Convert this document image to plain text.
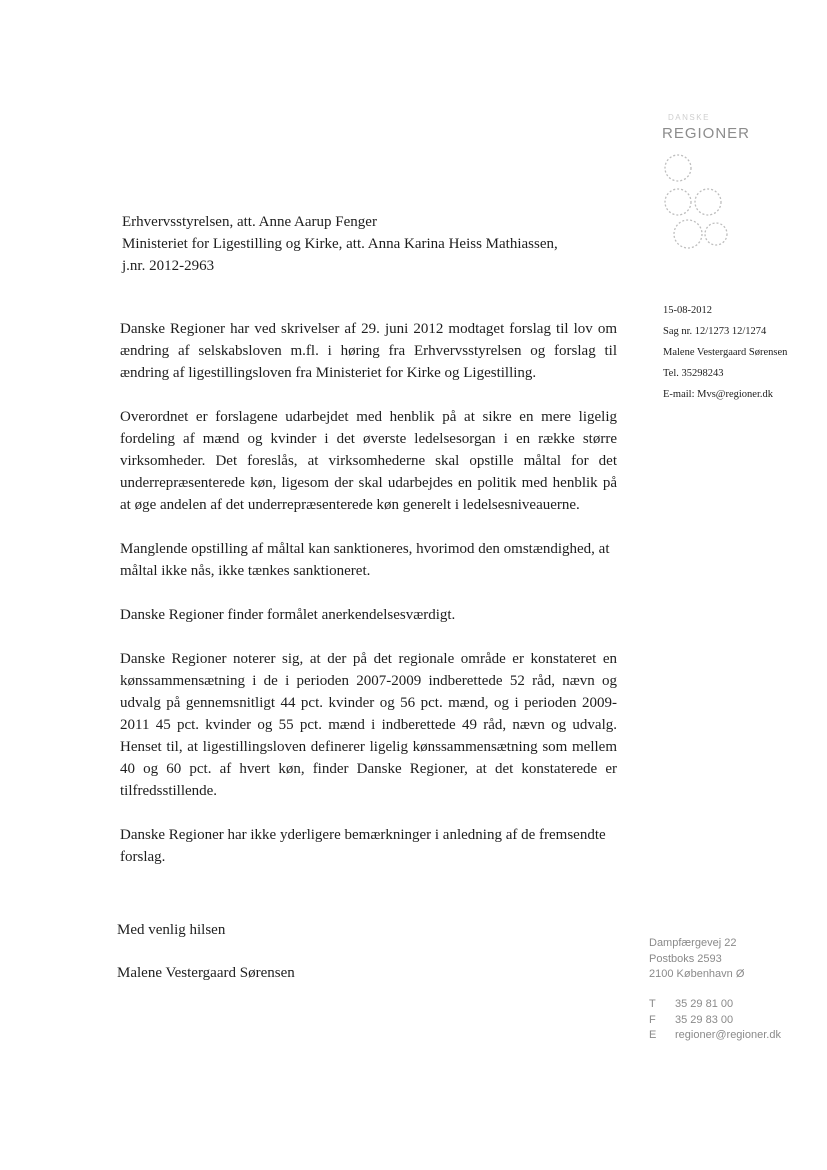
DANSKE
REGIONER
Erhvervsstyrelsen, att. Anne Aarup Fenger
Ministeriet for Ligestilling og Kirke, att. Anna Karina Heiss Mathiassen,
j.nr. 2012-2963
15-08-2012
Sag nr. 12/1273 12/1274
Malene Vestergaard Sørensen
Tel. 35298243
E-mail: Mvs@regioner.dk

Danske Regioner har ved skrivelser af 29. juni 2012 modtaget forslag til lov om ændring af selskabsloven m.fl. i høring fra Erhvervsstyrelsen og forslag til ændring af ligestillingsloven fra Ministeriet for Kirke og Ligestilling.

Overordnet er forslagene udarbejdet med henblik på at sikre en mere ligelig fordeling af mænd og kvinder i det øverste ledelsesorgan i en række større virksomheder. Det foreslås, at virksomhederne skal opstille måltal for det underrepræsenterede køn, ligesom der skal udarbejdes en politik med henblik på at øge andelen af det underrepræsenterede køn generelt i ledelsesniveauerne.

Manglende opstilling af måltal kan sanktioneres, hvorimod den omstændighed, at måltal ikke nås, ikke tænkes sanktioneret.

Danske Regioner finder formålet anerkendelsesværdigt.

Danske Regioner noterer sig, at der på det regionale område er konstateret en kønssammensætning i de i perioden 2007-2009 indberettede 52 råd, nævn og udvalg på gennemsnitligt 44 pct. kvinder og 56 pct. mænd, og i perioden 2009-2011 45 pct. kvinder og 55 pct. mænd i indberettede 49 råd, nævn og udvalg. Henset til, at ligestillingsloven definerer ligelig kønssammensætning som mellem 40 og 60 pct. af hvert køn, finder Danske Regioner, at det konstaterede er tilfredsstillende.

Danske Regioner har ikke yderligere bemærkninger i anledning af de fremsendte forslag.

Med venlig hilsen
Malene Vestergaard Sørensen
Dampfærgevej 22
Postboks 2593
2100 København Ø
T 35 29 81 00
F 35 29 83 00
E regioner@regioner.dk
